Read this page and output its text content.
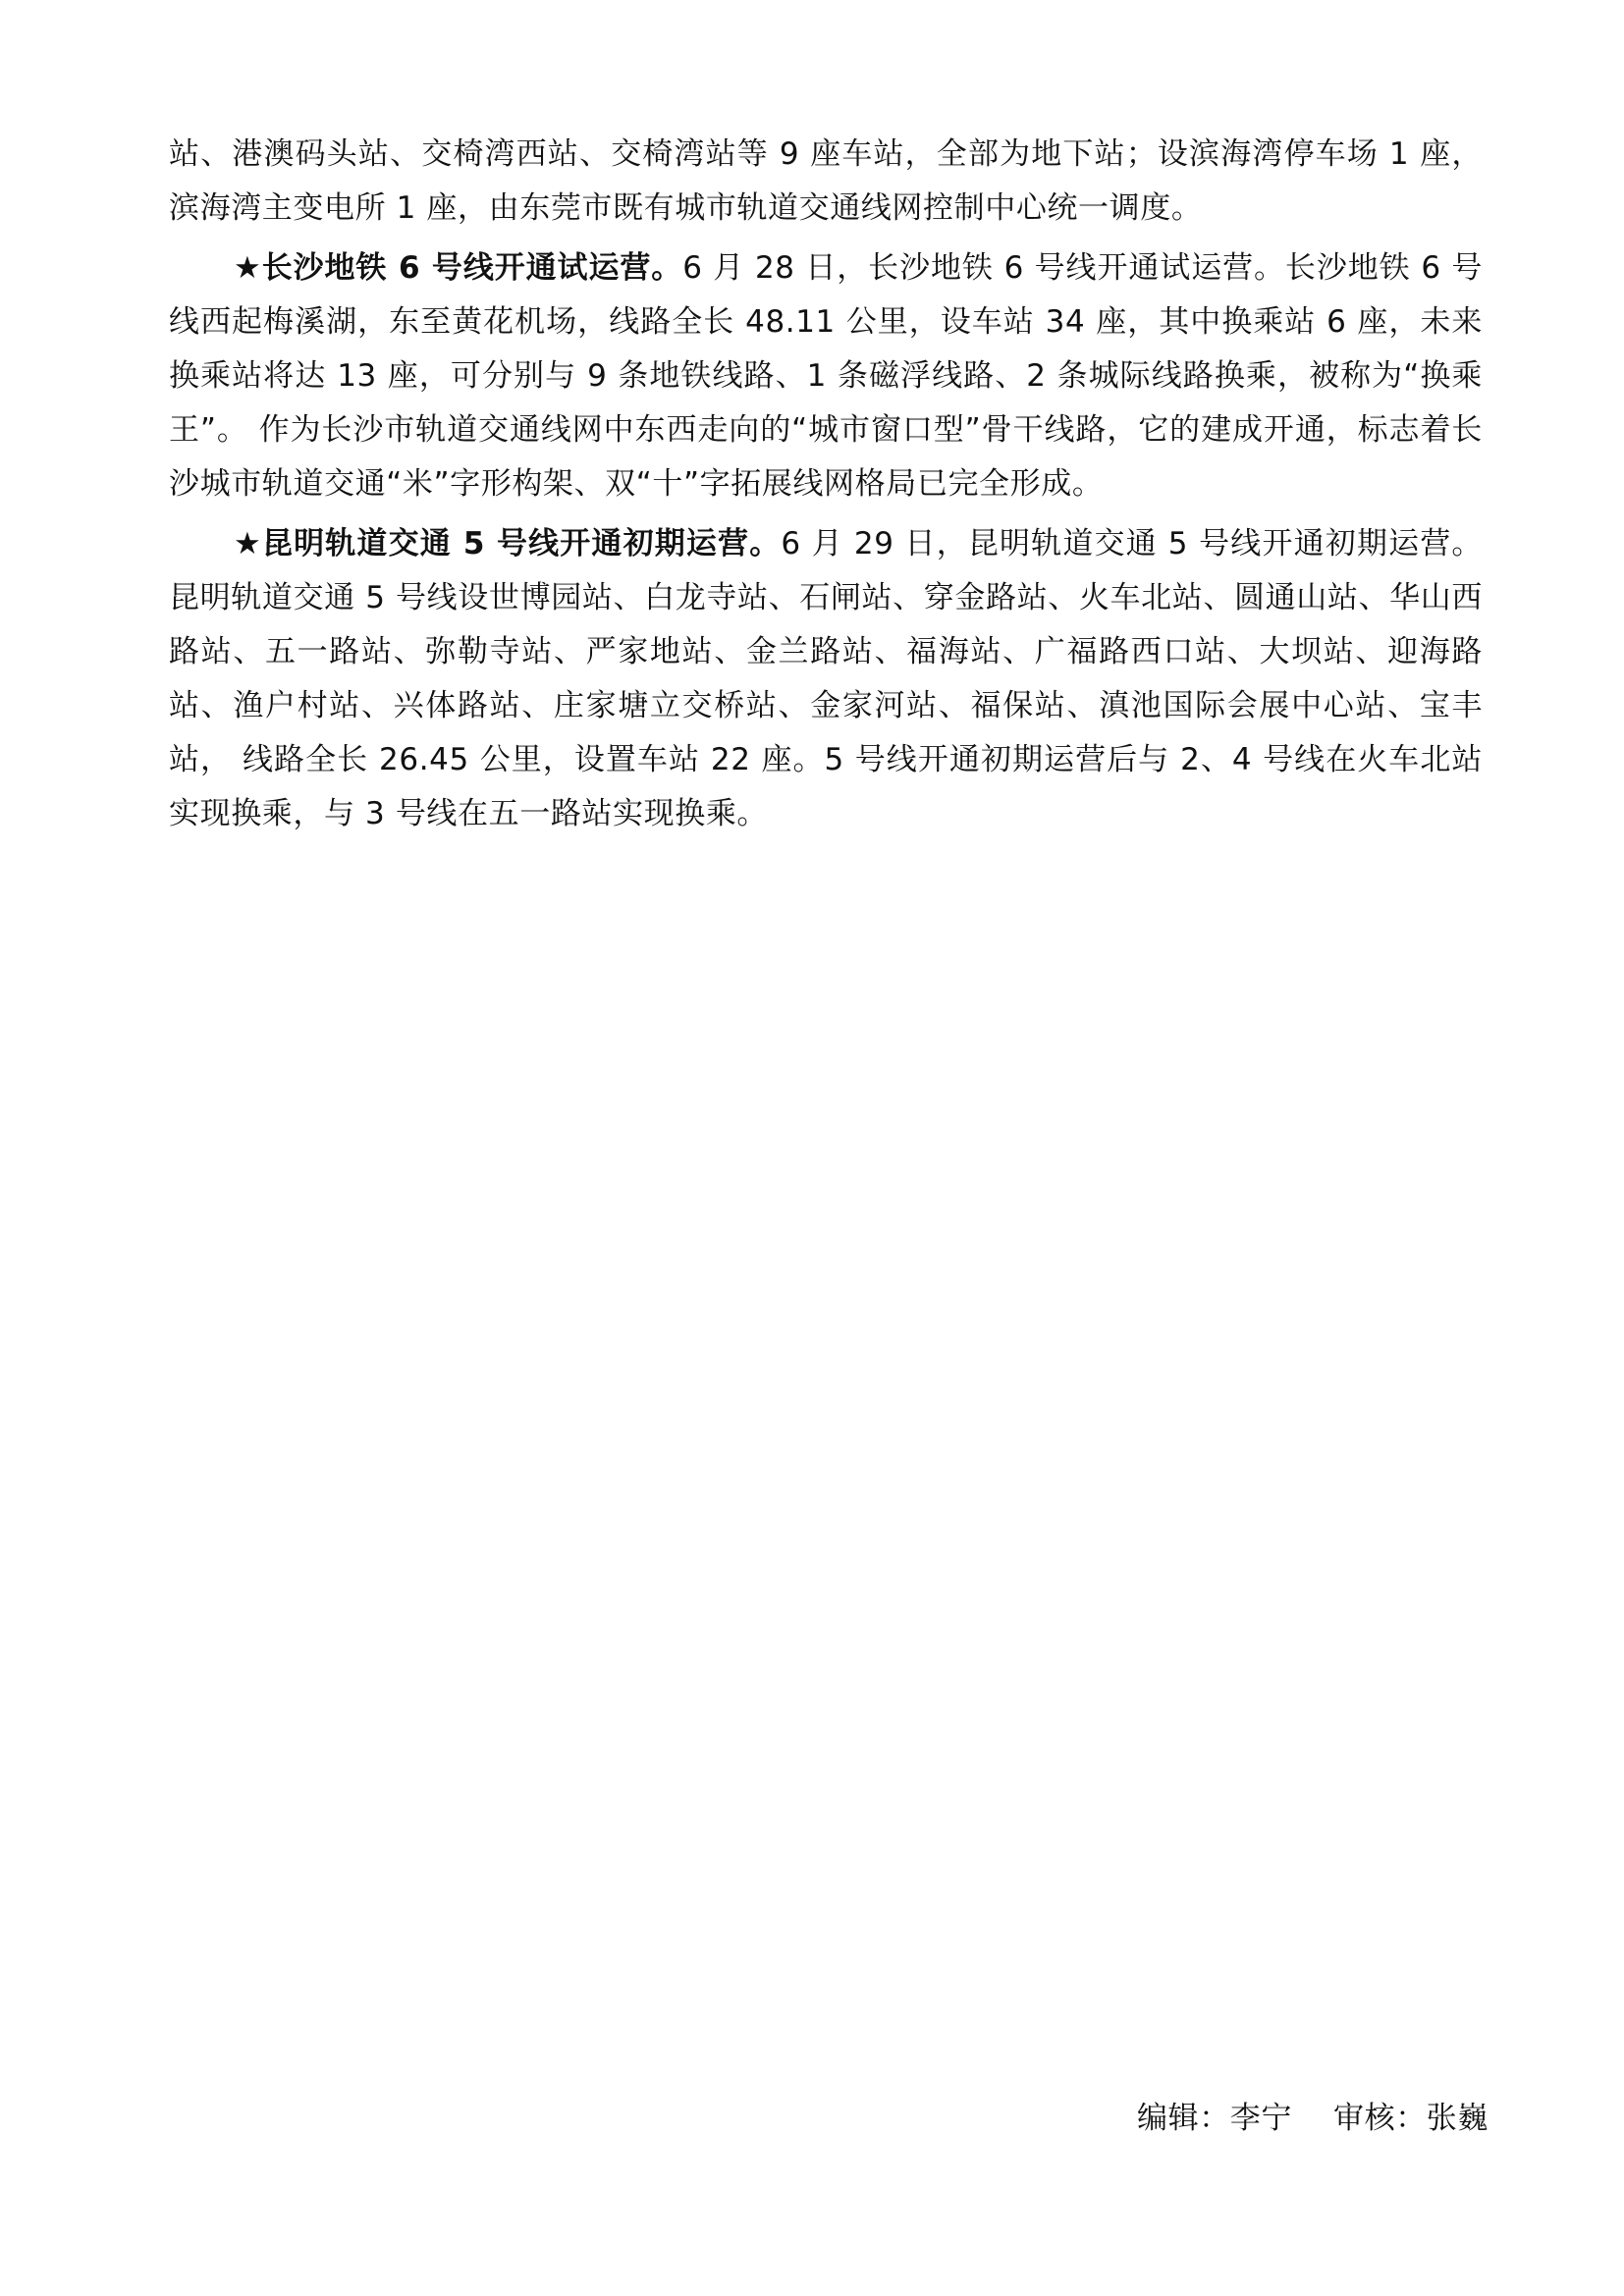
站、港澳码头站、交椅湾西站、交椅湾站等 9 座车站，全部为地下站；设滨海湾停车场 1 座，滨海湾主变电所 1 座，由东莞市既有城市轨道交通线网控制中心统一调度。

★长沙地铁 6 号线开通试运营。6 月 28 日，长沙地铁 6 号线开通试运营。长沙地铁 6 号线西起梅溪湖，东至黄花机场，线路全长 48.11 公里，设车站 34 座，其中换乘站 6 座，未来换乘站将达 13 座，可分别与 9 条地铁线路、1 条磁浮线路、2 条城际线路换乘，被称为“换乘王”。 作为长沙市轨道交通线网中东西走向的“城市窗口型”骨干线路，它的建成开通，标志着长沙城市轨道交通“米”字形构架、双“十”字拓展线网格局已完全形成。

★昆明轨道交通 5 号线开通初期运营。6 月 29 日，昆明轨道交通 5 号线开通初期运营。昆明轨道交通 5 号线设世博园站、白龙寺站、石闸站、穿金路站、火车北站、圆通山站、华山西路站、五一路站、弥勒寺站、严家地站、金兰路站、福海站、广福路西口站、大坝站、迎海路站、渔户村站、兴体路站、庄家塘立交桥站、金家河站、福保站、滇池国际会展中心站、宝丰站， 线路全长 26.45 公里，设置车站 22 座。5 号线开通初期运营后与 2、4 号线在火车北站实现换乘，与 3 号线在五一路站实现换乘。

编辑：李宁 审核：张巍
